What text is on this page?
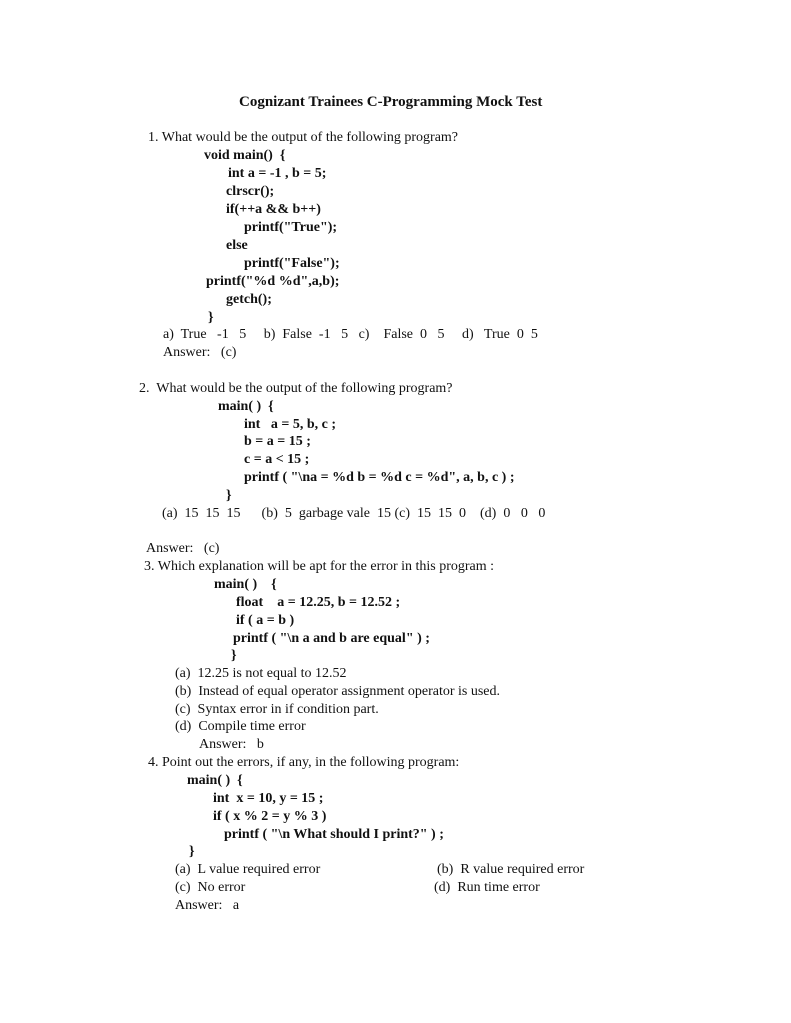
Cognizant Trainees C-Programming Mock Test
1. What would be the output of the following program?
void main()  {
int a = -1 , b = 5;
clrscr();
if(++a && b++)
printf("True");
else
printf("False");
printf("%d %d",a,b);
getch();
}
a)  True   -1   5     b)  False  -1   5   c)    False  0   5     d)   True  0  5
Answer:   (c)
2.  What would be the output of the following program?
main( )  {
int   a = 5, b, c ;
b = a = 15 ;
c = a < 15 ;
printf ( "\na = %d b = %d c = %d", a, b, c ) ;
}
(a)  15  15  15      (b)  5  garbage vale  15 (c)  15  15  0    (d)  0   0   0
Answer:   (c)
3. Which explanation will be apt for the error in this program :
main( )    {
float    a = 12.25, b = 12.52 ;
if ( a = b )
printf ( "\n a and b are equal" ) ;
}
(a)  12.25 is not equal to 12.52
(b)  Instead of equal operator assignment operator is used.
(c)  Syntax error in if condition part.
(d)  Compile time error
Answer:   b
4. Point out the errors, if any, in the following program:
main( )  {
int  x = 10, y = 15 ;
if ( x % 2 = y % 3 )
printf ( "\n What should I print?" ) ;
}
(a)  L value required error	(b)  R value required error
(c)  No error	(d)  Run time error
Answer:   a
